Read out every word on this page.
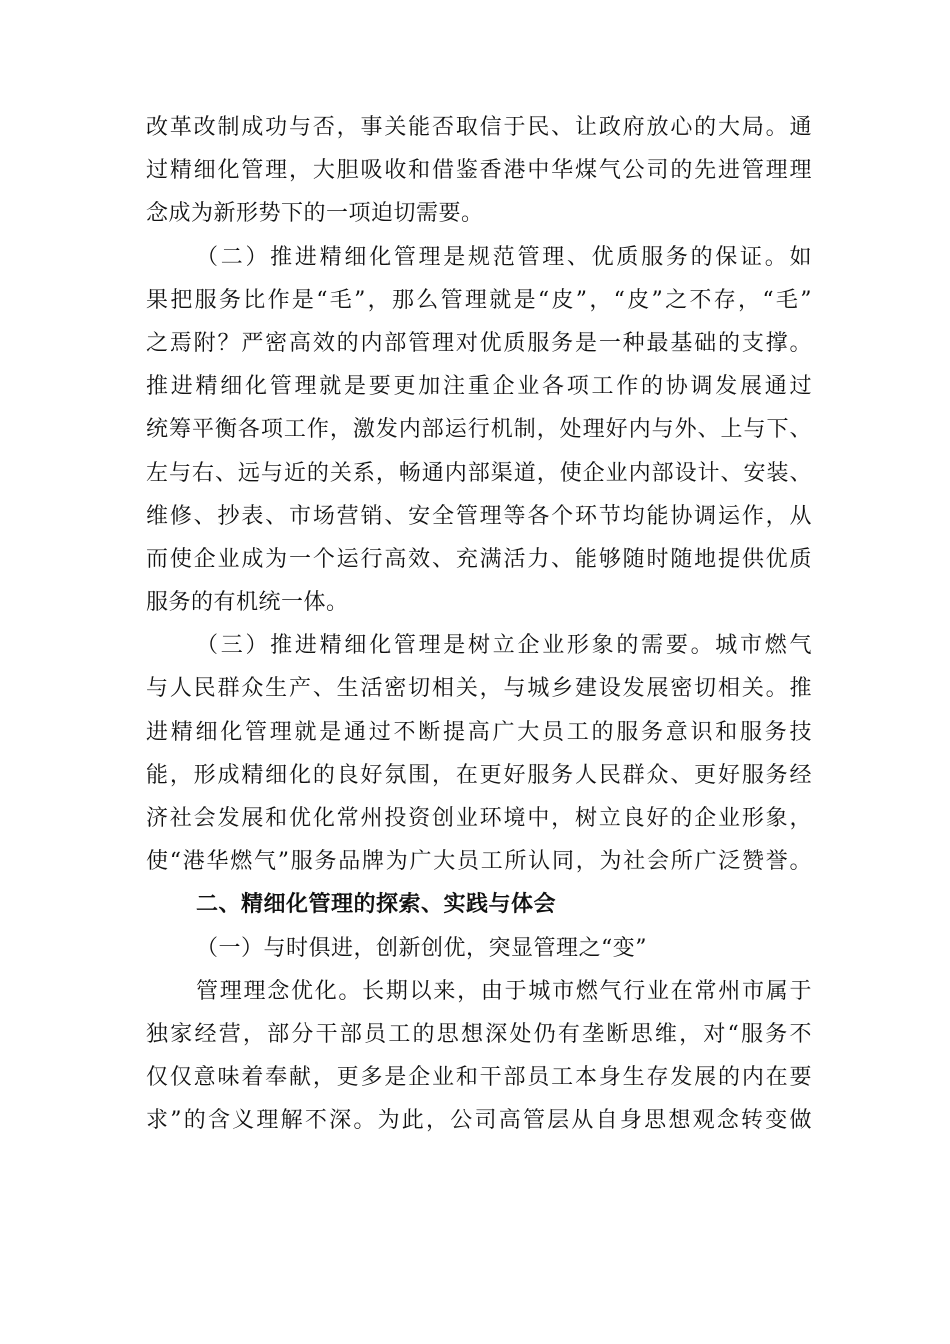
改革改制成功与否，事关能否取信于民、让政府放心的大局。通
过精细化管理，大胆吸收和借鉴香港中华煤气公司的先进管理理
念成为新形势下的一项迫切需要。
（二）推进精细化管理是规范管理、优质服务的保证。如
果把服务比作是“毛”，那么管理就是“皮”，“皮”之不存，“毛”
之焉附？严密高效的内部管理对优质服务是一种最基础的支撑。
推进精细化管理就是要更加注重企业各项工作的协调发展通过
统筹平衡各项工作，激发内部运行机制，处理好内与外、上与下、
左与右、远与近的关系，畅通内部渠道，使企业内部设计、安装、
维修、抄表、市场营销、安全管理等各个环节均能协调运作，从
而使企业成为一个运行高效、充满活力、能够随时随地提供优质
服务的有机统一体。
（三）推进精细化管理是树立企业形象的需要。城市燃气
与人民群众生产、生活密切相关，与城乡建设发展密切相关。推
进精细化管理就是通过不断提高广大员工的服务意识和服务技
能，形成精细化的良好氛围，在更好服务人民群众、更好服务经
济社会发展和优化常州投资创业环境中，树立良好的企业形象，
使“港华燃气”服务品牌为广大员工所认同，为社会所广泛赞誉。
二、精细化管理的探索、实践与体会
（一）与时俱进，创新创优，突显管理之“变”
管理理念优化。长期以来，由于城市燃气行业在常州市属于
独家经营，部分干部员工的思想深处仍有垄断思维，对“服务不
仅仅意味着奉献，更多是企业和干部员工本身生存发展的内在要
求”的含义理解不深。为此，公司高管层从自身思想观念转变做
